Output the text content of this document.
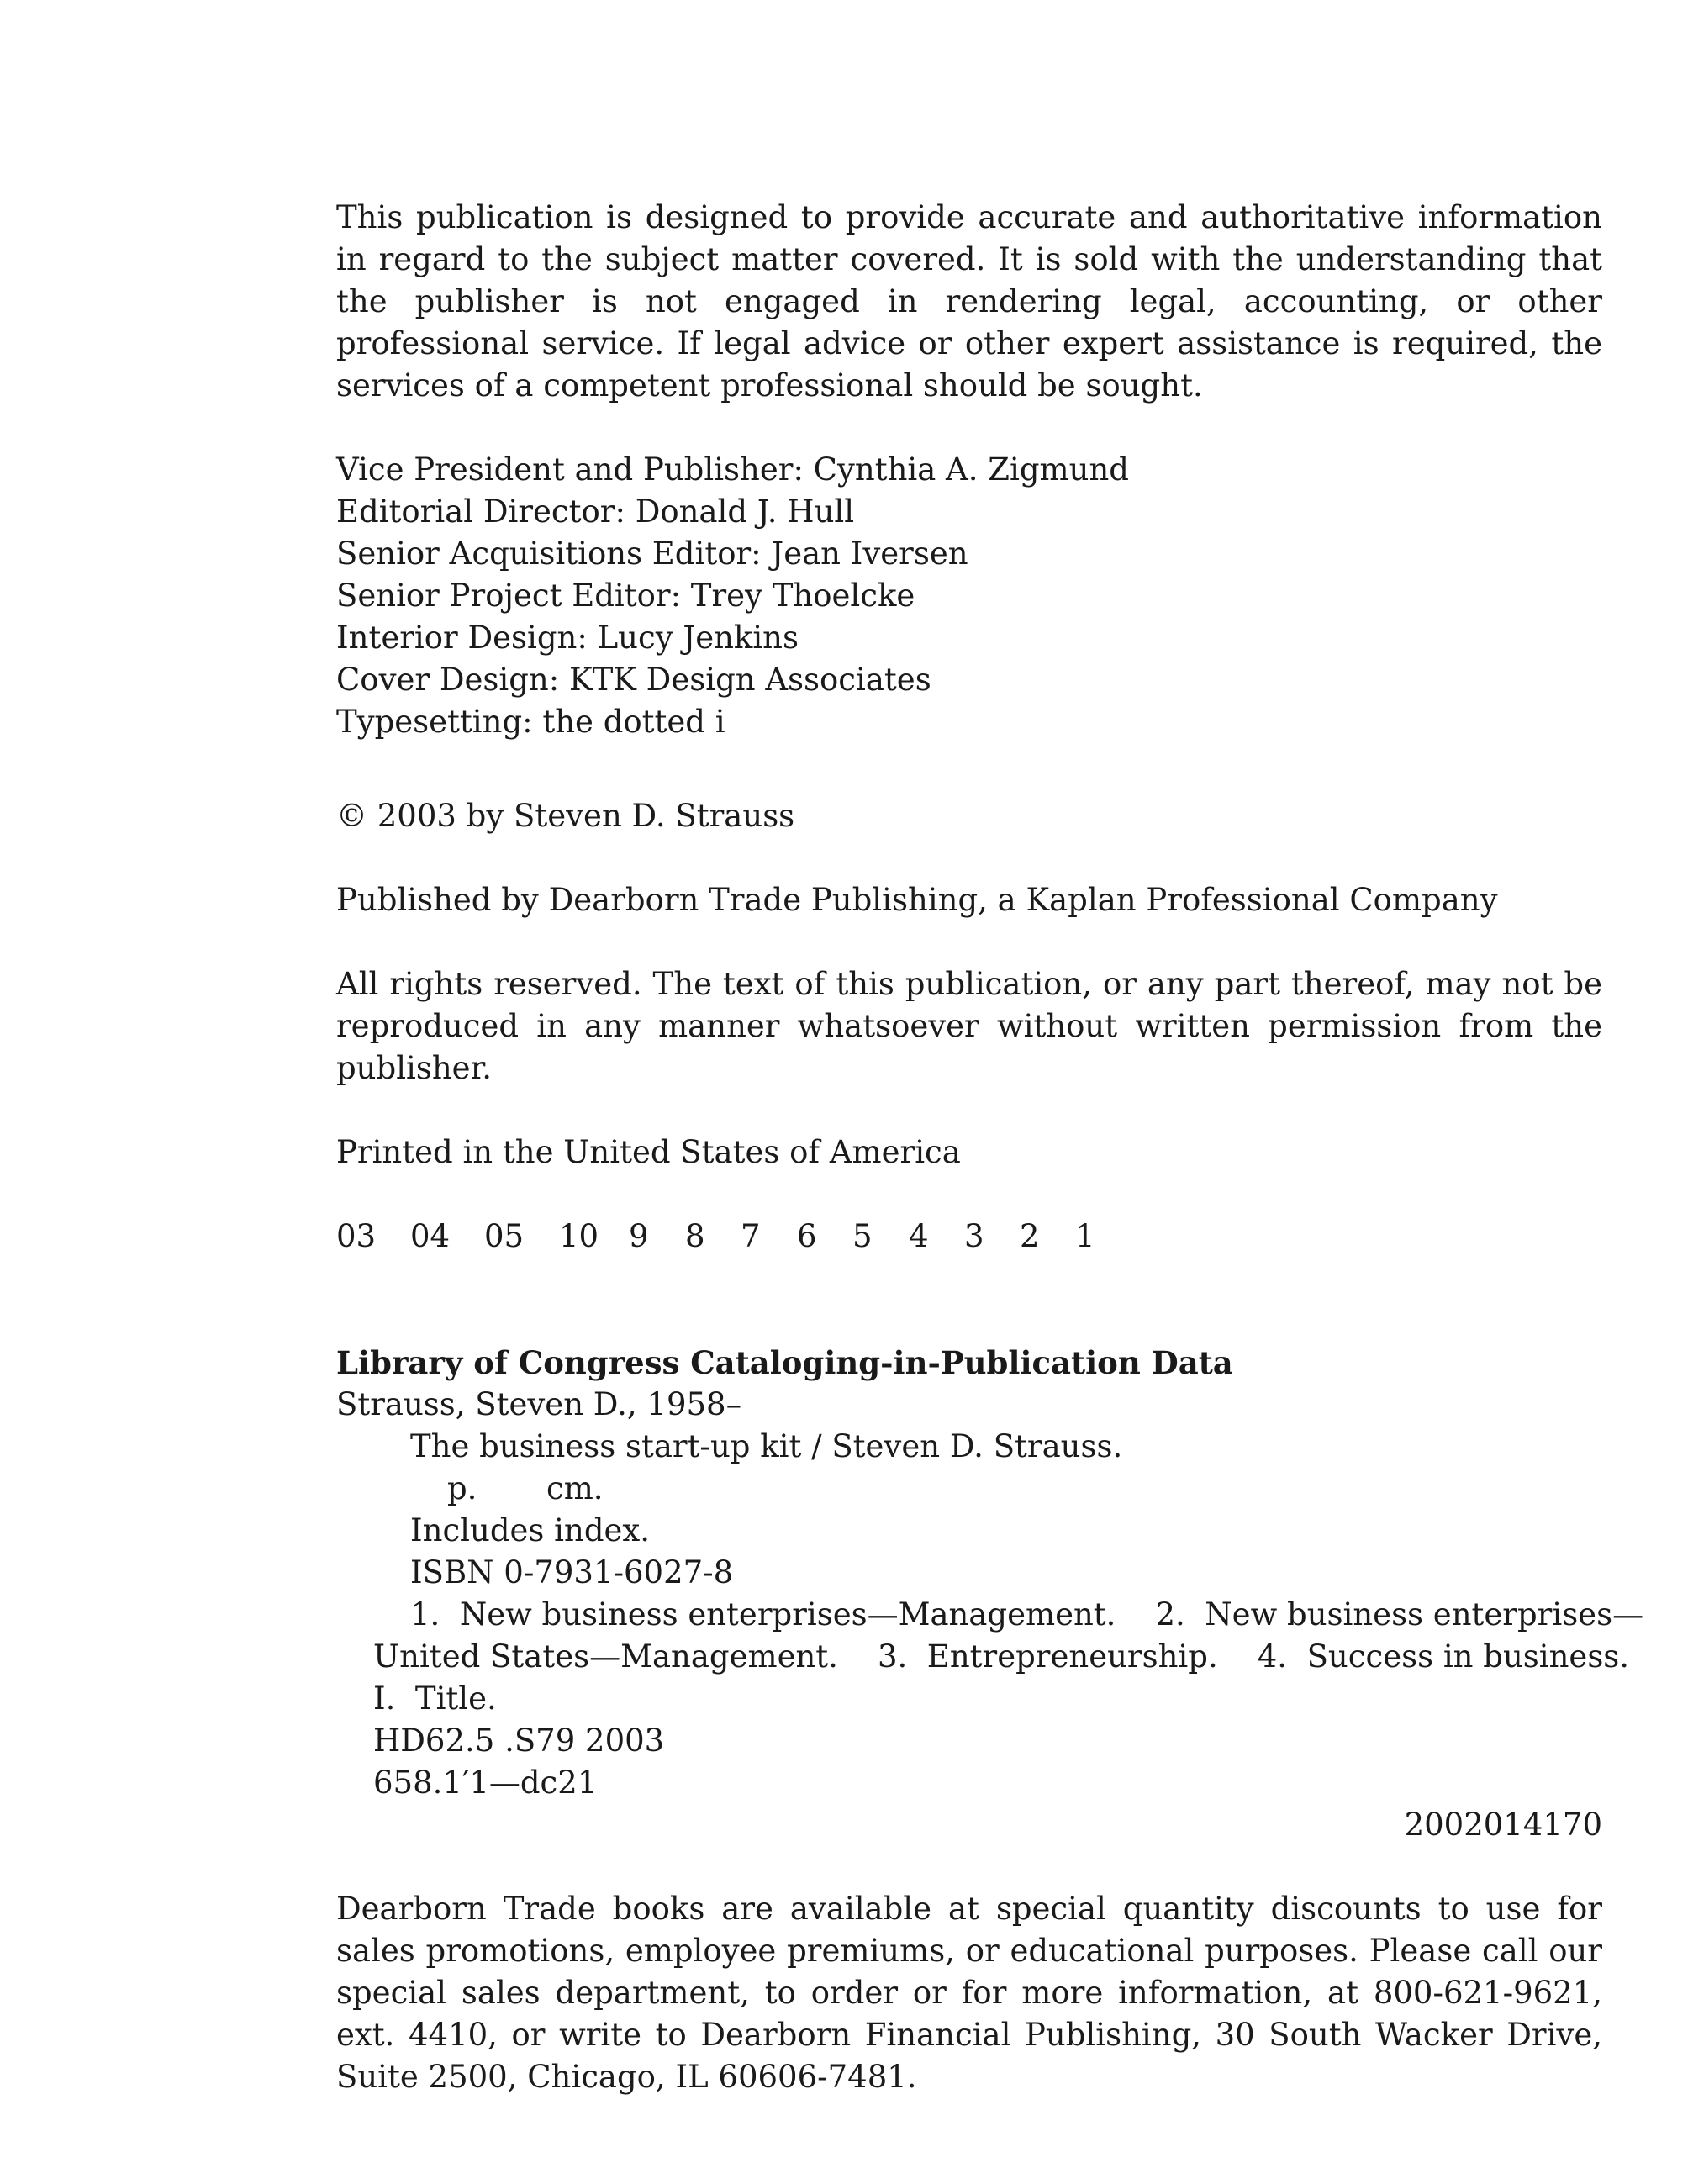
This publication is designed to provide accurate and authoritative information in regard to the subject matter covered. It is sold with the understanding that the publisher is not engaged in rendering legal, accounting, or other professional service. If legal advice or other expert assistance is required, the services of a competent professional should be sought.

Vice President and Publisher: Cynthia A. Zigmund
Editorial Director: Donald J. Hull
Senior Acquisitions Editor: Jean Iversen
Senior Project Editor: Trey Thoelcke
Interior Design: Lucy Jenkins
Cover Design: KTK Design Associates
Typesetting: the dotted i

© 2003 by Steven D. Strauss

Published by Dearborn Trade Publishing, a Kaplan Professional Company

All rights reserved. The text of this publication, or any part thereof, may not be reproduced in any manner whatsoever without written permission from the publisher.

Printed in the United States of America

03	04	05	10 9	8	7	6	5	4	3	2	1
Library of Congress Cataloging-in-Publication Data
Strauss, Steven D., 1958–
The business start-up kit / Steven D. Strauss.
p. cm.
Includes index.
ISBN 0-7931-6027-8
1.  New business enterprises—Management.    2.  New business enterprises—
United States—Management.    3.  Entrepreneurship.    4.  Success in business.
I.  Title.
HD62.5 .S79 2003
658.1′1—dc21
2002014170

Dearborn Trade books are available at special quantity discounts to use for sales promotions, employee premiums, or educational purposes. Please call our special sales department, to order or for more information, at 800-621-9621, ext. 4410, or write to Dearborn Financial Publishing, 30 South Wacker Drive, Suite 2500, Chicago, IL 60606-7481.
